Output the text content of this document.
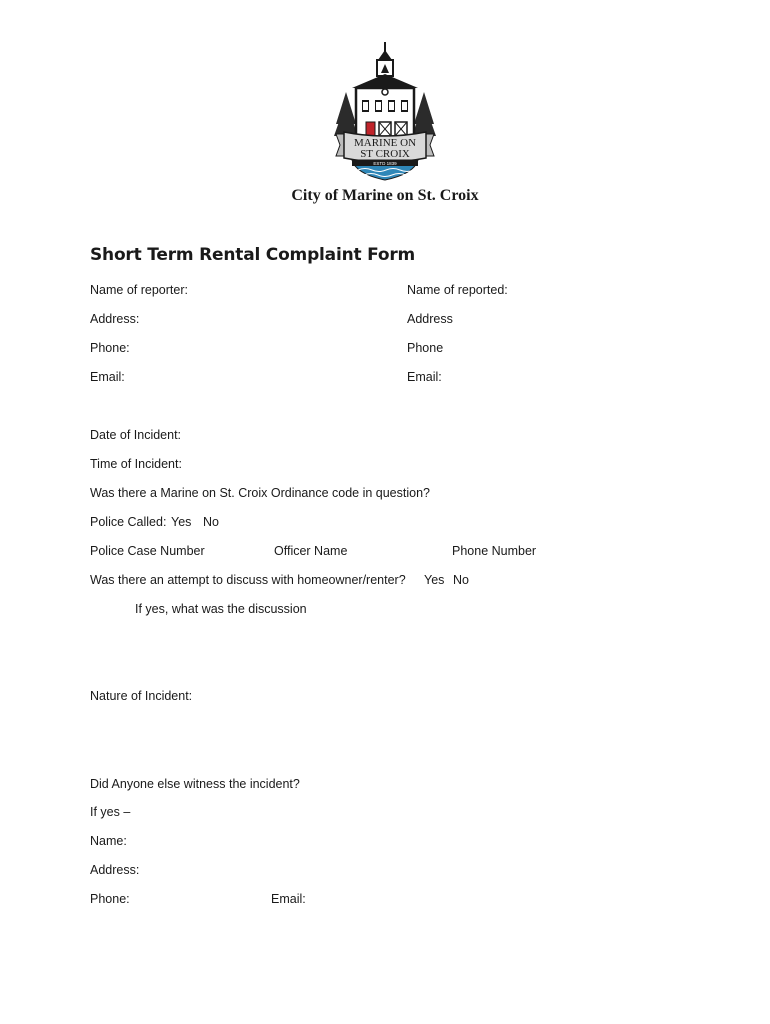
MARINE ON
ST CROIX
ESTD 1839
City of Marine on St. Croix
Short Term Rental Complaint Form
Name of reporter:	Name of reported:
Address:	Address
Phone:	Phone
Email:	Email:
Date of Incident:
Time of Incident:
Was there a Marine on St. Croix Ordinance code in question?
Police Called: Yes No
Police Case Number	Officer Name	Phone Number
Was there an attempt to discuss with homeowner/renter? Yes No
If yes, what was the discussion
Nature of Incident:
Did Anyone else witness the incident?
If yes –
Name:
Address:
Phone:	Email:
